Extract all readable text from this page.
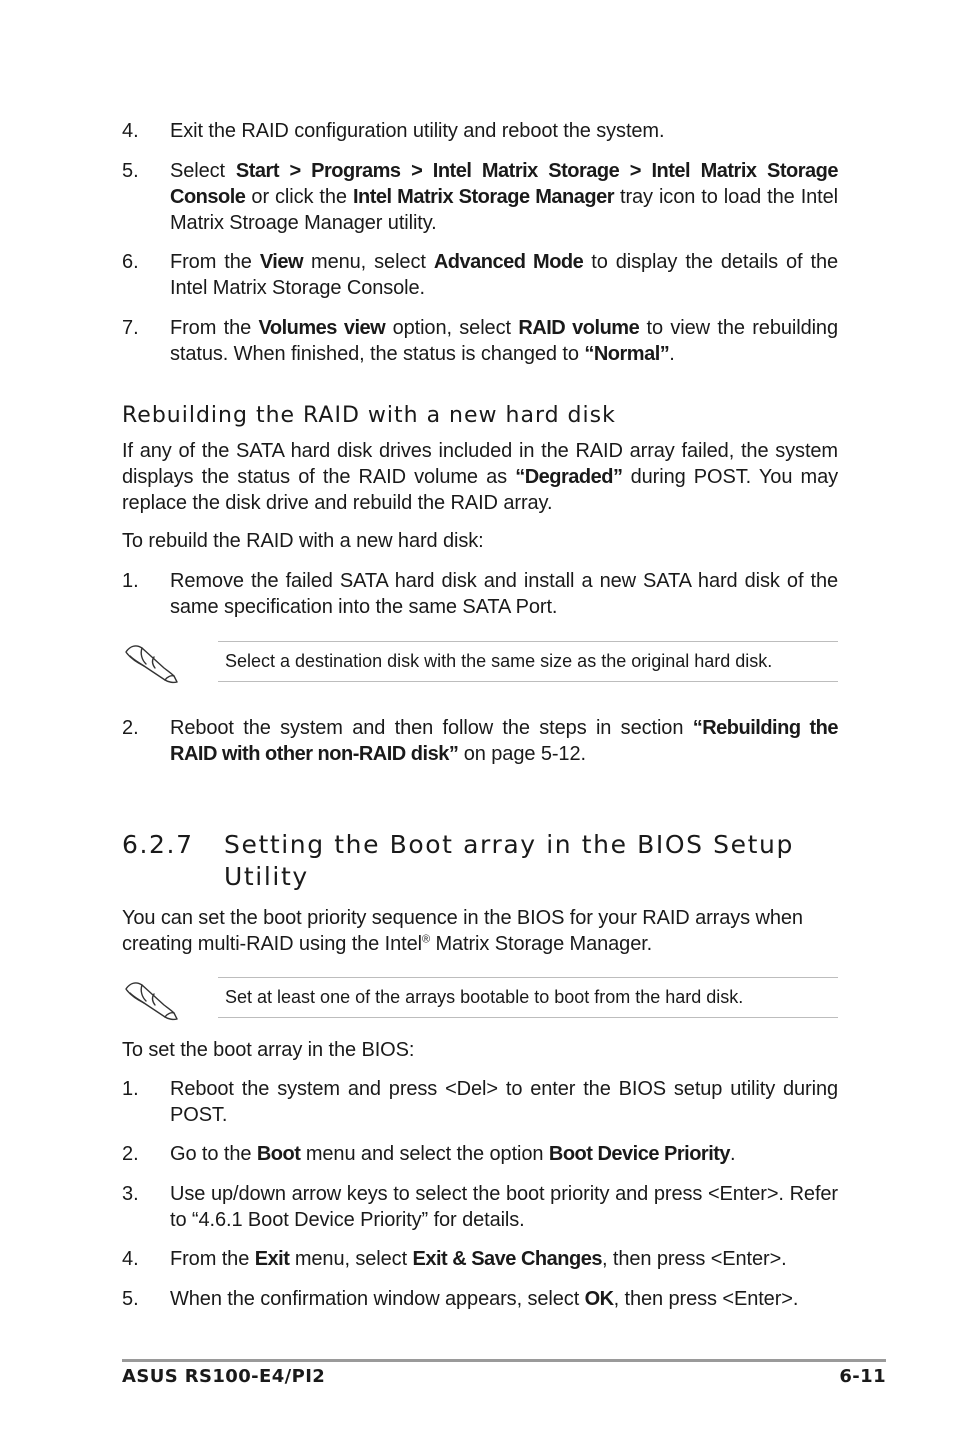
4.	Exit the RAID configuration utility and reboot the system.
5.	Select Start > Programs > Intel Matrix Storage > Intel Matrix Storage Console or click the Intel Matrix Storage Manager tray icon to load the Intel Matrix Stroage Manager utility.
6.	From the View menu, select Advanced Mode to display the details of the Intel Matrix Storage Console.
7.	From the Volumes view option, select RAID volume to view the rebuilding status. When finished, the status is changed to “Normal”.
Rebuilding the RAID with a new hard disk
If any of the SATA hard disk drives included in the RAID array failed, the system displays the status of the RAID volume as “Degraded” during POST. You may replace the disk drive and rebuild the RAID array.
To rebuild the RAID with a new hard disk:
1.	Remove the failed SATA hard disk and install a new SATA hard disk of the same specification into the same SATA Port.
Select a destination disk with the same size as the original hard disk.
2.	Reboot the system and then follow the steps in section “Rebuilding the RAID with other non-RAID disk” on page 5-12.
6.2.7 Setting the Boot array in the BIOS Setup Utility
You can set the boot priority sequence in the BIOS for your RAID arrays when creating multi-RAID using the Intel® Matrix Storage Manager.
Set at least one of the arrays bootable to boot from the hard disk.
To set the boot array in the BIOS:
1.	Reboot the system and press <Del> to enter the BIOS setup utility during POST.
2.	Go to the Boot menu and select the option Boot Device Priority.
3.	Use up/down arrow keys to select the boot priority and press <Enter>. Refer to “4.6.1 Boot Device Priority” for details.
4.	From the Exit menu, select Exit & Save Changes, then press <Enter>.
5.	When the confirmation window appears, select OK, then press <Enter>.
ASUS RS100-E4/PI2	6-11
